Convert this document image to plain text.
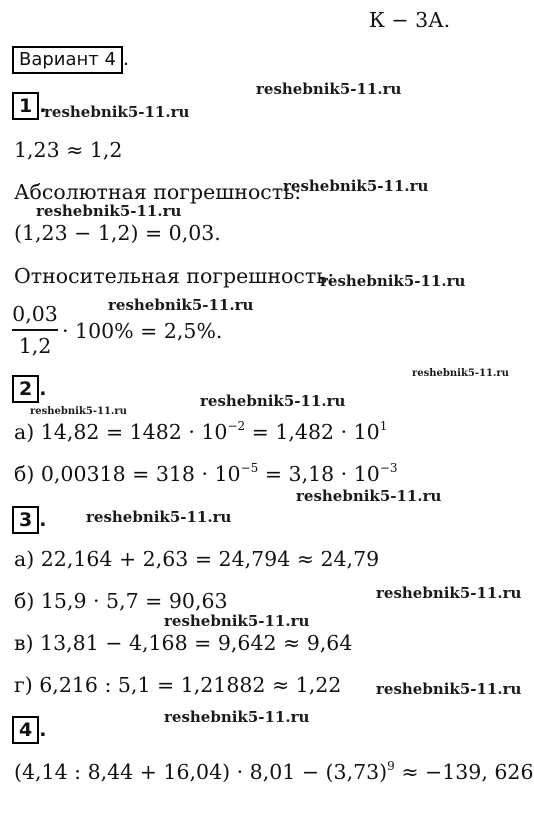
К − 3А.
Вариант 4 .
1 .
1,23 ≈ 1,2
Абсолютная погрешность:
(1,23 − 1,2) = 0,03.
Относительная погрешность:
0,03
1,2
· 100% = 2,5%.
2 .
а) $14,82 = 1482 \cdot 10^{-2} = 1,482 \cdot 10^1$
б) $0,00318 = 318 \cdot 10^{-5} = 3,18 \cdot 10^{-3}$
3 .
а) 22,164 + 2,63 = 24,794 ≈ 24,79
б) 15,9 · 5,7 = 90,63
в) 13,81 − 4,168 = 9,642 ≈ 9,64
г) 6,216 : 5,1 = 1,21882 ≈ 1,22
4 .
(4,14 : $8,44 + 16,04) \cdot 8,01 - (3,73)^9 \approx -139$, 626
reshebnik5-11.ru
reshebnik5-11.ru
reshebnik5-11.ru
reshebnik5-11.ru
reshebnik5-11.ru
reshebnik5-11.ru
reshebnik5-11.ru
reshebnik5-11.ru
reshebnik5-11.ru
reshebnik5-11.ru
reshebnik5-11.ru
reshebnik5-11.ru
reshebnik5-11.ru
reshebnik5-11.ru
reshebnik5-11.ru
